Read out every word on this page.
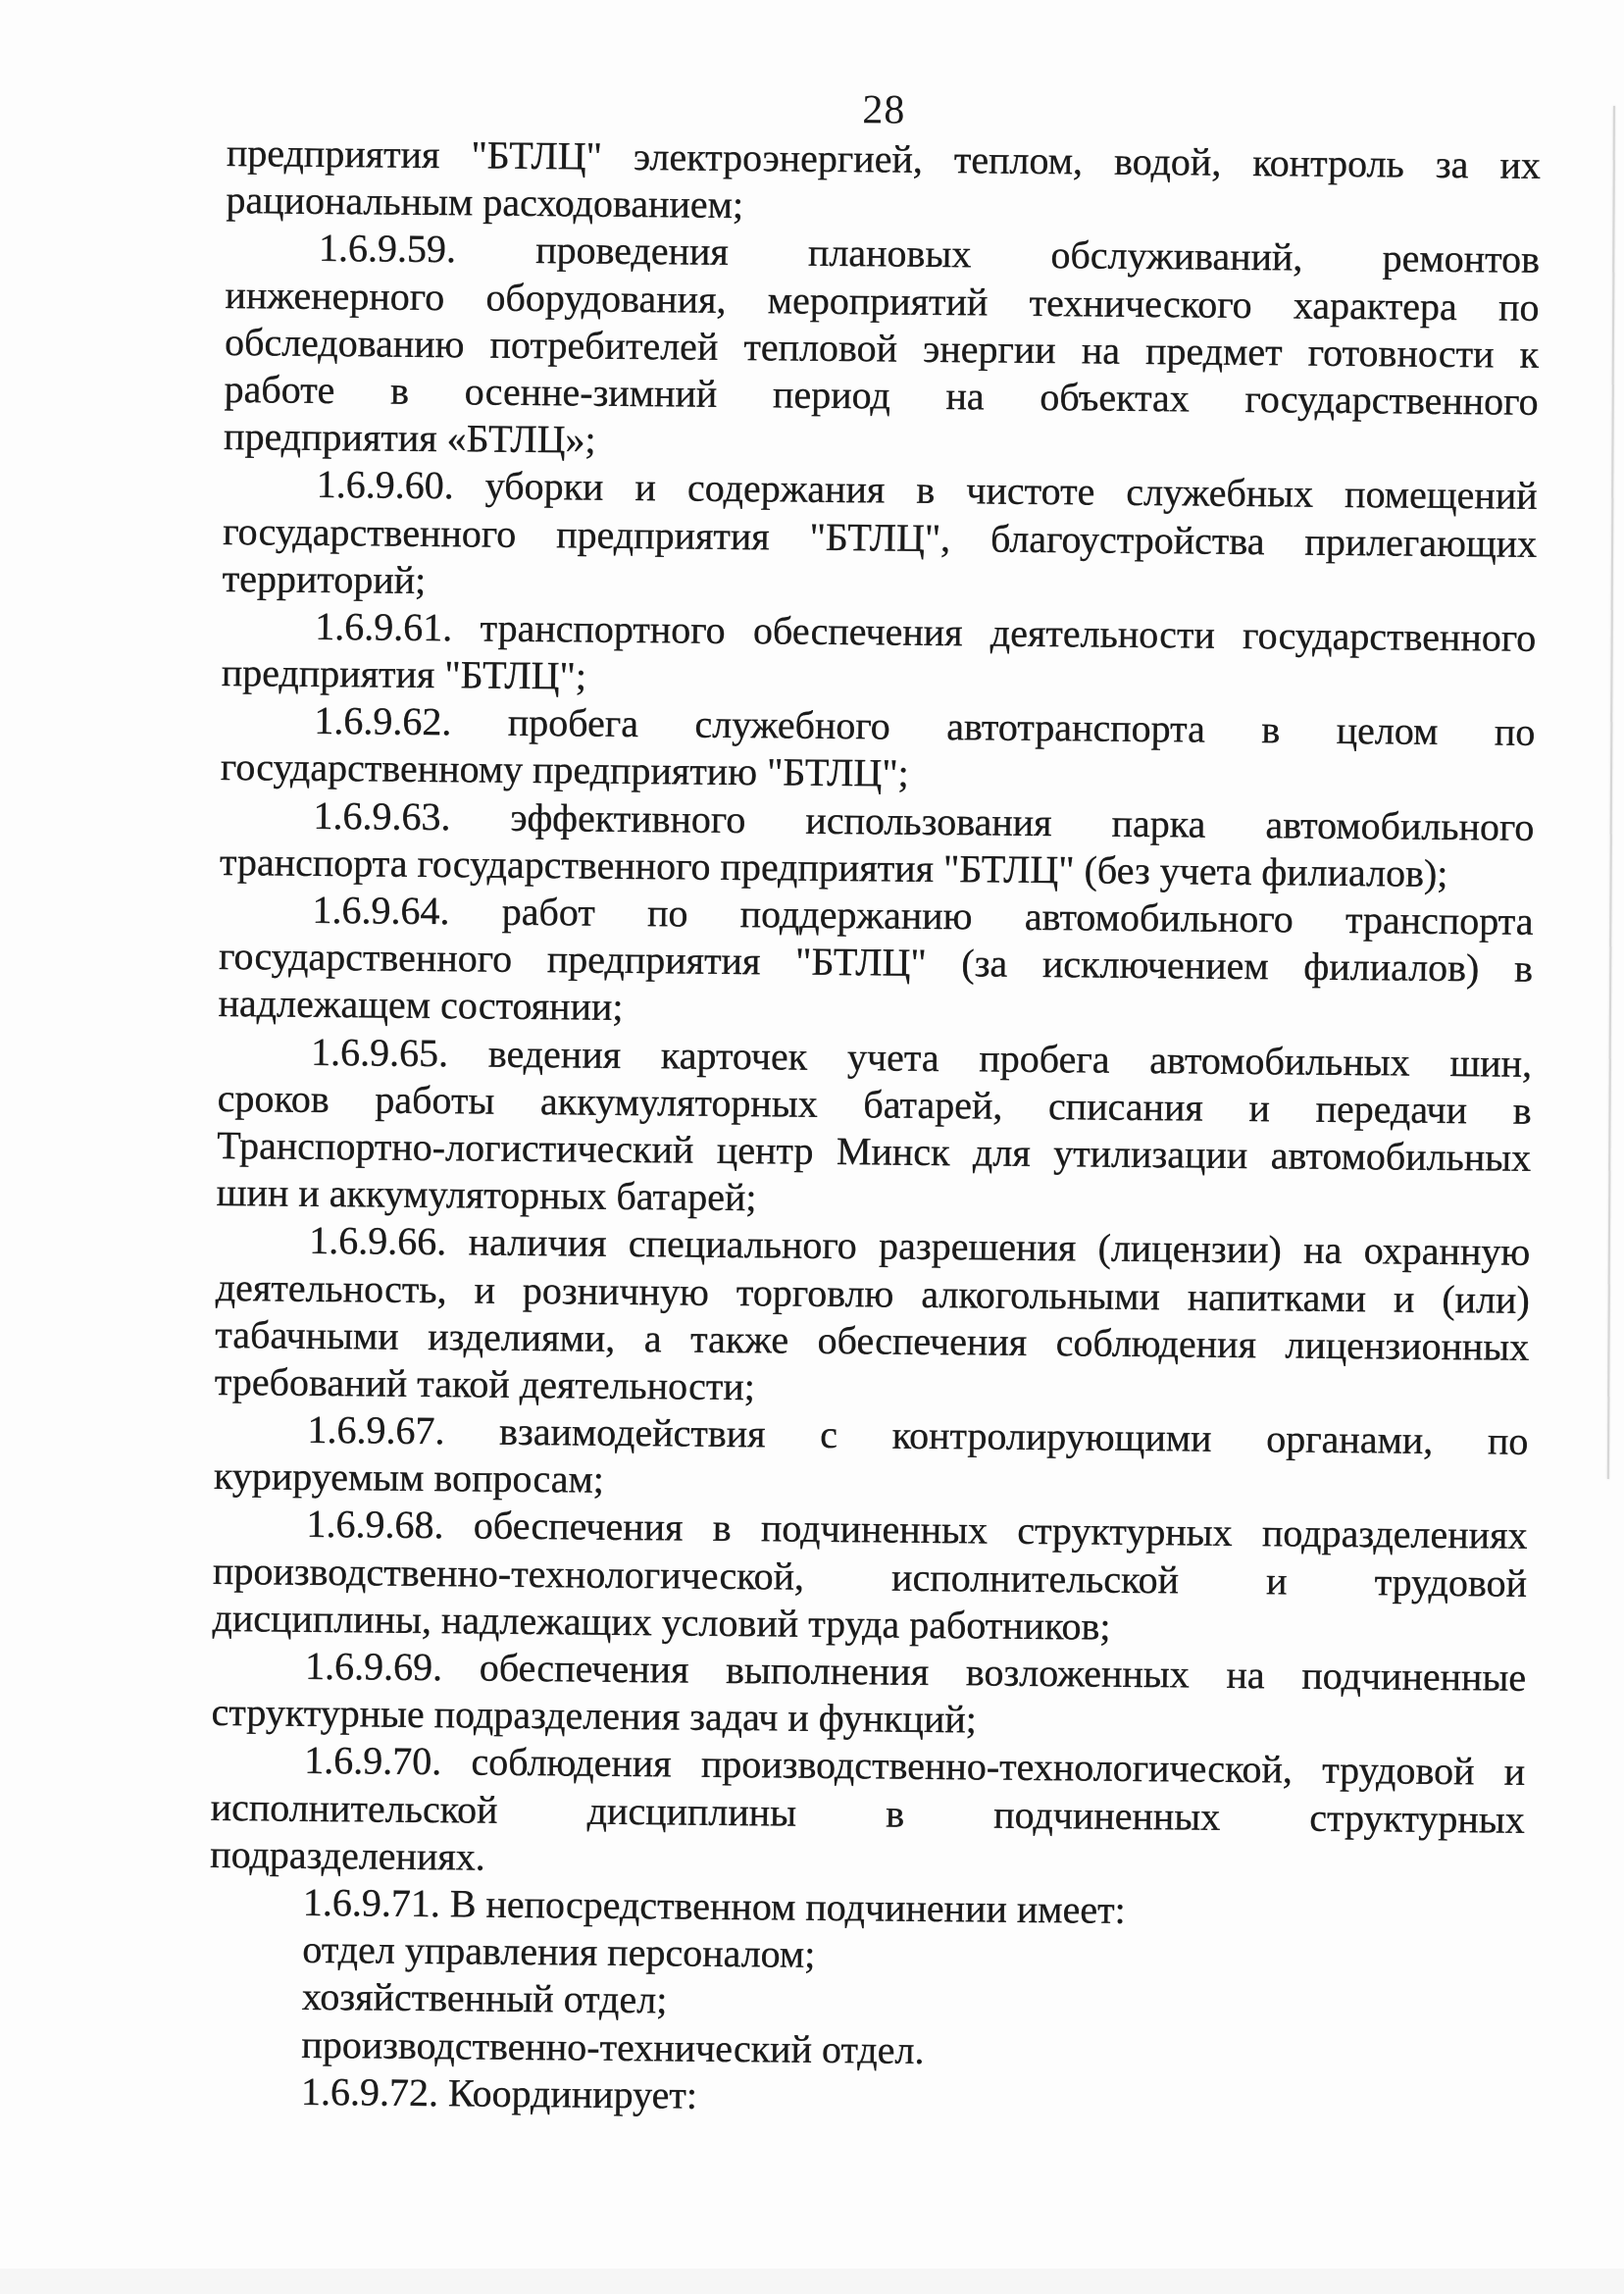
28
предприятия "БТЛЦ" электроэнергией, теплом, водой, контроль за их
рациональным расходованием;
1.6.9.59. проведения плановых обслуживаний, ремонтов
инженерного оборудования, мероприятий технического характера по
обследованию потребителей тепловой энергии на предмет готовности к
работе в осенне-зимний период на объектах государственного
предприятия «БТЛЦ»;
1.6.9.60. уборки и содержания в чистоте служебных помещений
государственного предприятия "БТЛЦ", благоустройства прилегающих
территорий;
1.6.9.61. транспортного обеспечения деятельности государственного
предприятия "БТЛЦ";
1.6.9.62. пробега служебного автотранспорта в целом по
государственному предприятию "БТЛЦ";
1.6.9.63. эффективного использования парка автомобильного
транспорта государственного предприятия "БТЛЦ" (без учета филиалов);
1.6.9.64. работ по поддержанию автомобильного транспорта
государственного предприятия "БТЛЦ" (за исключением филиалов) в
надлежащем состоянии;
1.6.9.65. ведения карточек учета пробега автомобильных шин,
сроков работы аккумуляторных батарей, списания и передачи в
Транспортно-логистический центр Минск для утилизации автомобильных
шин и аккумуляторных батарей;
1.6.9.66. наличия специального разрешения (лицензии) на охранную
деятельность, и розничную торговлю алкогольными напитками и (или)
табачными изделиями, а также обеспечения соблюдения лицензионных
требований такой деятельности;
1.6.9.67. взаимодействия с контролирующими органами, по
курируемым вопросам;
1.6.9.68. обеспечения в подчиненных структурных подразделениях
производственно-технологической, исполнительской и трудовой
дисциплины, надлежащих условий труда работников;
1.6.9.69. обеспечения выполнения возложенных на подчиненные
структурные подразделения задач и функций;
1.6.9.70. соблюдения производственно-технологической, трудовой и
исполнительской дисциплины в подчиненных структурных
подразделениях.
1.6.9.71. В непосредственном подчинении имеет:
отдел управления персоналом;
хозяйственный отдел;
производственно-технический отдел.
1.6.9.72. Координирует:
